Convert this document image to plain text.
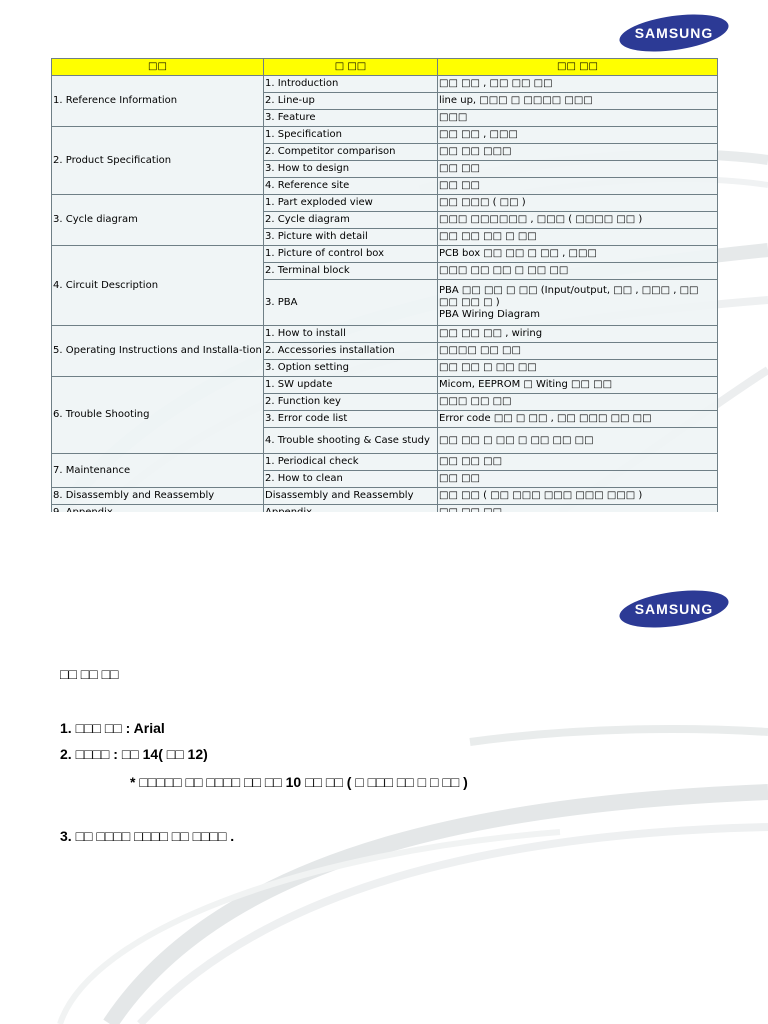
SAMSUNG
□□	□ □□	□□ □□
1. Reference Information	1. Introduction	□□ □□ , □□ □□ □□
	2. Line-up	line up, □□□ □ □□□□ □□□
	3. Feature	□□□
2. Product Specification	1. Specification	□□ □□ , □□□
	2. Competitor comparison	□□ □□ □□□
	3. How to design	□□ □□
	4. Reference site	□□ □□
3. Cycle diagram	1. Part exploded view	□□ □□□ ( □□ )
	2. Cycle diagram	□□□ □□□□□□ , □□□ ( □□□□ □□ )
	3. Picture with detail	□□ □□ □□ □ □□
4. Circuit Description	1. Picture of control box	PCB box □□ □□ □ □□ , □□□
	2. Terminal block	□□□ □□ □□ □ □□ □□
	3. PBA	PBA □□ □□ □ □□ (Input/output, □□ , □□□ , □□ □□ □□ □ )
PBA Wiring Diagram

5. Operating Instructions and Installa-tion	1. How to install	□□ □□ □□ , wiring
	2. Accessories installation	□□□□ □□ □□
	3. Option setting	□□ □□ □ □□ □□
6. Trouble Shooting	1. SW update	Micom, EEPROM □ Witing □□ □□
	2. Function key	□□□ □□ □□
	3. Error code list	Error code □□ □ □□ , □□ □□□ □□ □□
	4. Trouble shooting & Case study	□□ □□ □ □□ □ □□ □□ □□
7. Maintenance	1. Periodical check	□□ □□ □□
	2. How to clean	□□ □□
8. Disassembly and Reassembly	Disassembly and Reassembly	□□ □□ ( □□ □□□ □□□ □□□ □□□ )

SAMSUNG
□□ □□ □□
1. □□□ □□ : Arial
2. □□□□ : □□ 14( □□ 12)
* □□□□□ □□ □□□□ □□ □□ 10 □□ □□ ( □ □□□ □□ □ □ □□ )
3. □□ □□□□ □□□□ □□ □□□□ .
